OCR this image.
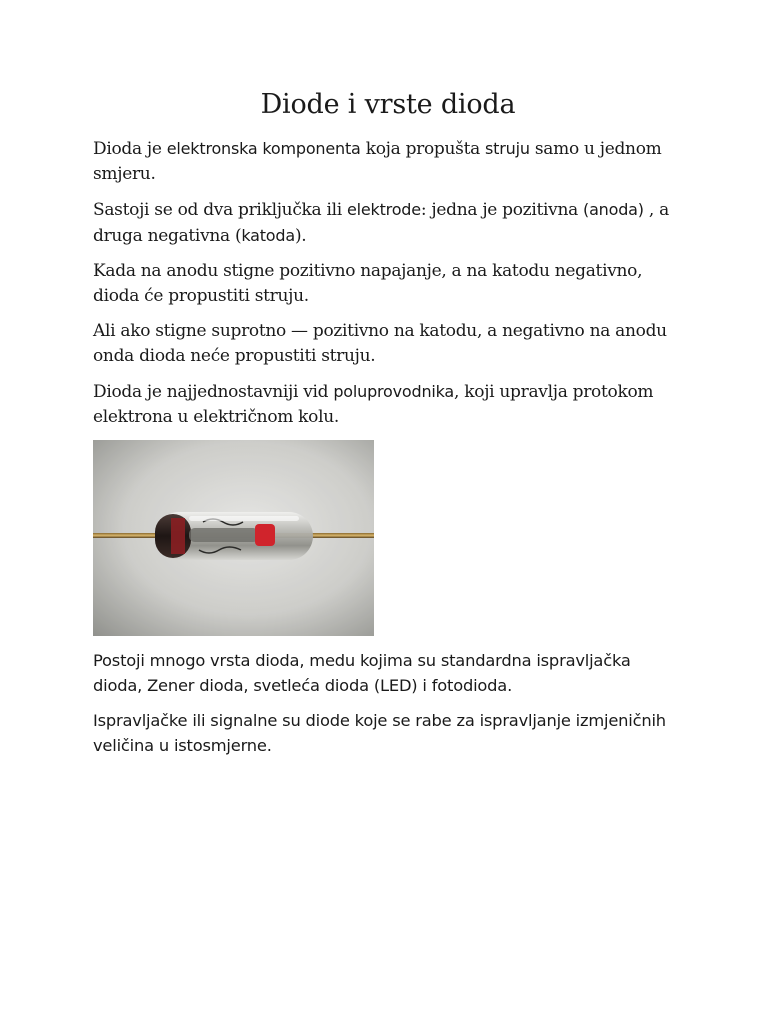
Diode i vrste dioda

Dioda je elektronska komponenta koja propušta struju samo u jednom smjeru.

Sastoji se od dva priključka ili elektrode: jedna je pozitivna (anoda) , a druga negativna (katoda).

Kada na anodu stigne pozitivno napajanje, a na katodu negativno, dioda će propustiti struju.

Ali ako stigne suprotno — pozitivno na katodu, a negativno na anodu onda dioda neće propustiti struju.

Dioda je najjednostavniji vid poluprovodnika, koji upravlja protokom elektrona u električnom kolu.

Postoji mnogo vrsta dioda, medu kojima su standardna ispravljačka dioda, Zener dioda, svetleća dioda (LED) i fotodioda.

Ispravljačke ili signalne su diode koje se rabe za ispravljanje izmjeničnih veličina u istosmjerne.
